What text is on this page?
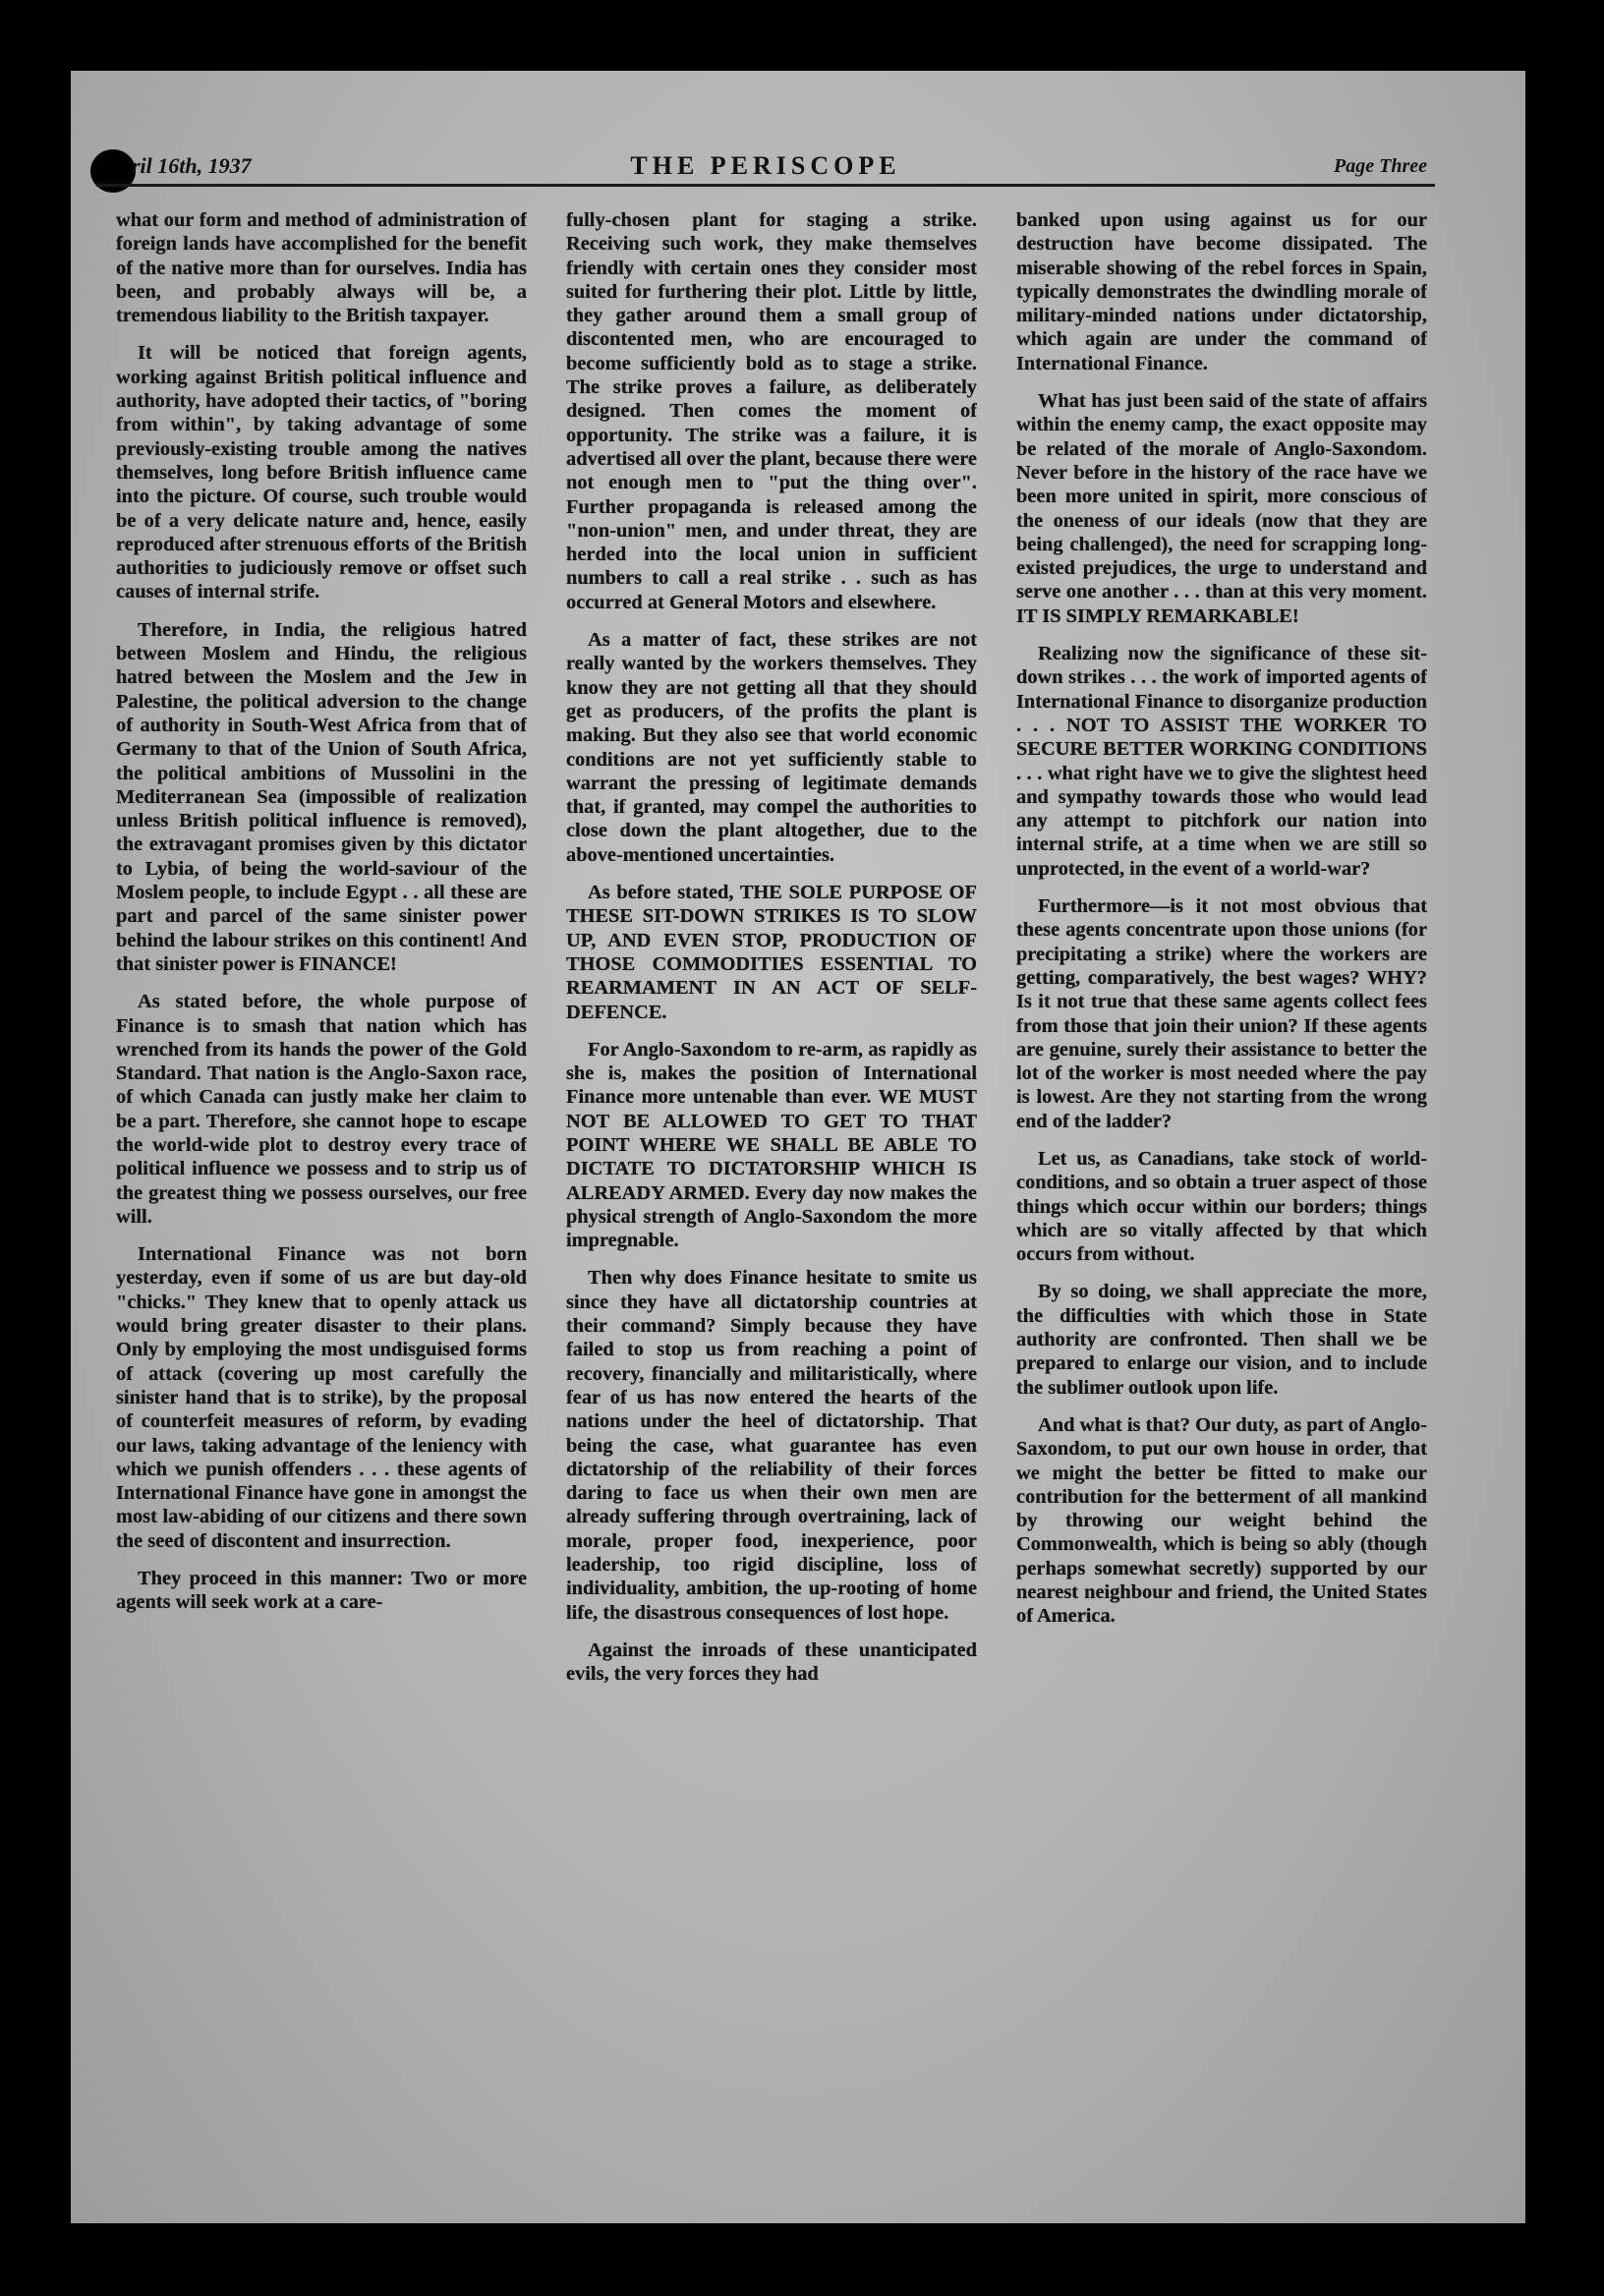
ril 16th, 1937	THE PERISCOPE	Page Three

what our form and method of administration of foreign lands have accomplished for the benefit of the native more than for ourselves. India has been, and probably always will be, a tremendous liability to the British taxpayer.

It will be noticed that foreign agents, working against British political influence and authority, have adopted their tactics, of "boring from within", by taking advantage of some previously-existing trouble among the natives themselves, long before British influence came into the picture. Of course, such trouble would be of a very delicate nature and, hence, easily reproduced after strenuous efforts of the British authorities to judiciously remove or offset such causes of internal strife.

Therefore, in India, the religious hatred between Moslem and Hindu, the religious hatred between the Moslem and the Jew in Palestine, the political adversion to the change of authority in South-West Africa from that of Germany to that of the Union of South Africa, the political ambitions of Mussolini in the Mediterranean Sea (impossible of realization unless British political influence is removed), the extravagant promises given by this dictator to Lybia, of being the world-saviour of the Moslem people, to include Egypt . . all these are part and parcel of the same sinister power behind the labour strikes on this continent! And that sinister power is FINANCE!

As stated before, the whole purpose of Finance is to smash that nation which has wrenched from its hands the power of the Gold Standard. That nation is the Anglo-Saxon race, of which Canada can justly make her claim to be a part. Therefore, she cannot hope to escape the world-wide plot to destroy every trace of political influence we possess and to strip us of the greatest thing we possess ourselves, our free will.

International Finance was not born yesterday, even if some of us are but day-old "chicks." They knew that to openly attack us would bring greater disaster to their plans. Only by employing the most undisguised forms of attack (covering up most carefully the sinister hand that is to strike), by the proposal of counterfeit measures of reform, by evading our laws, taking advantage of the leniency with which we punish offenders . . . these agents of International Finance have gone in amongst the most law-abiding of our citizens and there sown the seed of discontent and insurrection.

They proceed in this manner: Two or more agents will seek work at a care-

fully-chosen plant for staging a strike. Receiving such work, they make themselves friendly with certain ones they consider most suited for furthering their plot. Little by little, they gather around them a small group of discontented men, who are encouraged to become sufficiently bold as to stage a strike. The strike proves a failure, as deliberately designed. Then comes the moment of opportunity. The strike was a failure, it is advertised all over the plant, because there were not enough men to "put the thing over". Further propaganda is released among the "non-union" men, and under threat, they are herded into the local union in sufficient numbers to call a real strike . . such as has occurred at General Motors and elsewhere.

As a matter of fact, these strikes are not really wanted by the workers themselves. They know they are not getting all that they should get as producers, of the profits the plant is making. But they also see that world economic conditions are not yet sufficiently stable to warrant the pressing of legitimate demands that, if granted, may compel the authorities to close down the plant altogether, due to the above-mentioned uncertainties.

As before stated, THE SOLE PURPOSE OF THESE SIT-DOWN STRIKES IS TO SLOW UP, AND EVEN STOP, PRODUCTION OF THOSE COMMODITIES ESSENTIAL TO REARMAMENT IN AN ACT OF SELF-DEFENCE.

For Anglo-Saxondom to re-arm, as rapidly as she is, makes the position of International Finance more untenable than ever. WE MUST NOT BE ALLOWED TO GET TO THAT POINT WHERE WE SHALL BE ABLE TO DICTATE TO DICTATORSHIP WHICH IS ALREADY ARMED. Every day now makes the physical strength of Anglo-Saxondom the more impregnable.

Then why does Finance hesitate to smite us since they have all dictatorship countries at their command? Simply because they have failed to stop us from reaching a point of recovery, financially and militaristically, where fear of us has now entered the hearts of the nations under the heel of dictatorship. That being the case, what guarantee has even dictatorship of the reliability of their forces daring to face us when their own men are already suffering through overtraining, lack of morale, proper food, inexperience, poor leadership, too rigid discipline, loss of individuality, ambition, the up-rooting of home life, the disastrous consequences of lost hope.

Against the inroads of these unanticipated evils, the very forces they had

banked upon using against us for our destruction have become dissipated. The miserable showing of the rebel forces in Spain, typically demonstrates the dwindling morale of military-minded nations under dictatorship, which again are under the command of International Finance.

What has just been said of the state of affairs within the enemy camp, the exact opposite may be related of the morale of Anglo-Saxondom. Never before in the history of the race have we been more united in spirit, more conscious of the oneness of our ideals (now that they are being challenged), the need for scrapping long-existed prejudices, the urge to understand and serve one another . . . than at this very moment. IT IS SIMPLY REMARKABLE!

Realizing now the significance of these sit-down strikes . . . the work of imported agents of International Finance to disorganize production . . . NOT TO ASSIST THE WORKER TO SECURE BETTER WORKING CONDITIONS . . . what right have we to give the slightest heed and sympathy towards those who would lead any attempt to pitchfork our nation into internal strife, at a time when we are still so unprotected, in the event of a world-war?

Furthermore—is it not most obvious that these agents concentrate upon those unions (for precipitating a strike) where the workers are getting, comparatively, the best wages? WHY? Is it not true that these same agents collect fees from those that join their union? If these agents are genuine, surely their assistance to better the lot of the worker is most needed where the pay is lowest. Are they not starting from the wrong end of the ladder?

Let us, as Canadians, take stock of world-conditions, and so obtain a truer aspect of those things which occur within our borders; things which are so vitally affected by that which occurs from without.

By so doing, we shall appreciate the more, the difficulties with which those in State authority are confronted. Then shall we be prepared to enlarge our vision, and to include the sublimer outlook upon life.

And what is that? Our duty, as part of Anglo-Saxondom, to put our own house in order, that we might the better be fitted to make our contribution for the betterment of all mankind by throwing our weight behind the Commonwealth, which is being so ably (though perhaps somewhat secretly) supported by our nearest neighbour and friend, the United States of America.
